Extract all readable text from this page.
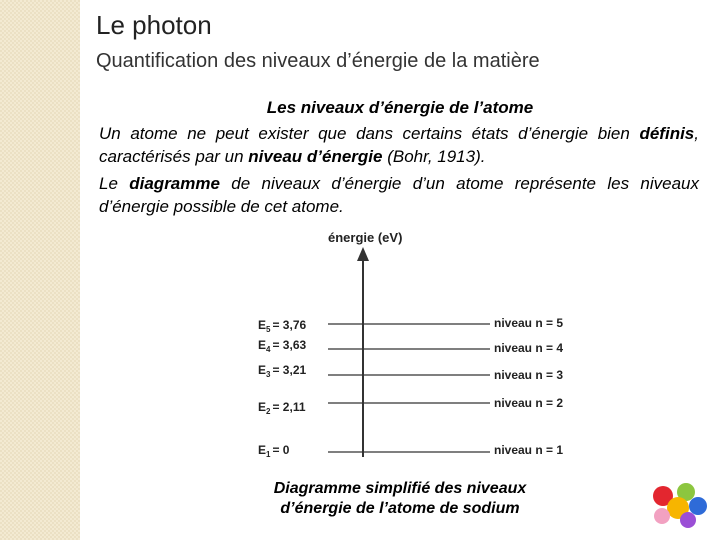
Le photon
Quantification des niveaux d’énergie de la matière
Les niveaux d’énergie de l’atome
Un atome ne peut exister que dans certains états d’énergie bien définis, caractérisés par un niveau d’énergie (Bohr, 1913).
Le diagramme de niveaux d’énergie d’un atome représente les niveaux d’énergie possible de cet atome.
énergie (eV)
$E_5 = 3,76$	niveau n = 5
$E_4 = 3,63$	niveau n = 4
$E_3 = 3,21$	niveau n = 3
$E_2 = 2,11$	niveau n = 2
$E_1 = 0$	niveau n = 1
Diagramme simplifié des niveaux
d’énergie de l’atome de sodium
